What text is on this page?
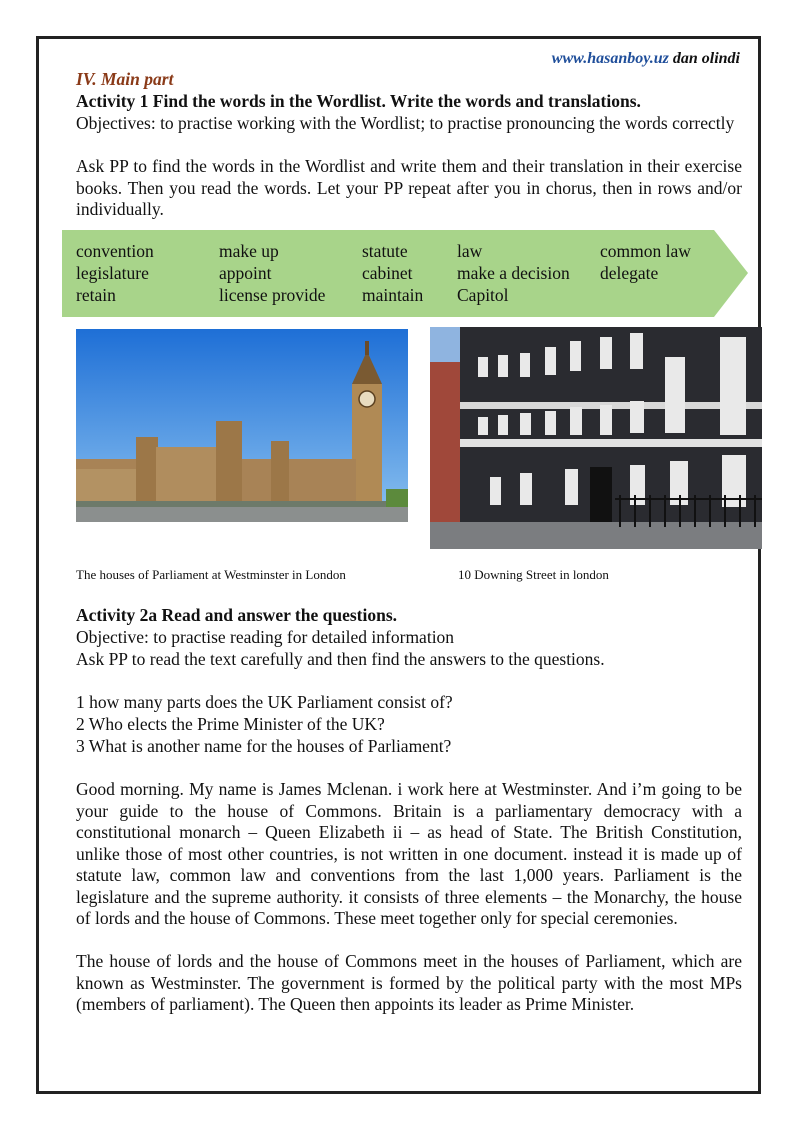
www.hasanboy.uz dan olindi
IV. Main part
Activity 1 Find the words in the Wordlist. Write the words and translations.
Objectives: to practise working with the Wordlist; to practise pronouncing the words correctly
Ask PP to find the words in the Wordlist and write them and their translation in their exercise books. Then you read the words. Let your PP repeat after you in chorus, then in rows and/or individually.
convention
legislature
retain
make up
appoint
license provide
statute
cabinet
maintain
law
make a decision
Capitol
common law
delegate
The houses of Parliament at Westminster in London	10 Downing Street in london
Activity 2a Read and answer the questions.
Objective: to practise reading for detailed information
Ask PP to read the text carefully and then find the answers to the questions.
1 how many parts does the UK Parliament consist of?
2 Who elects the Prime Minister of the UK?
3 What is another name for the houses of Parliament?
Good morning. My name is James Mclenan. i work here at Westminster. And i’m going to be your guide to the house of Commons. Britain is a parliamentary democracy with a constitutional monarch – Queen Elizabeth ii – as head of State. The British Constitution, unlike those of most other countries, is not written in one document. instead it is made up of statute law, common law and conventions from the last 1,000 years. Parliament is the legislature and the supreme authority. it consists of three elements – the Monarchy, the house of lords and the house of Commons. These meet together only for special ceremonies.
The house of lords and the house of Commons meet in the houses of Parliament, which are known as Westminster. The government is formed by the political party with the most MPs (members of parliament). The Queen then appoints its leader as Prime Minister.
